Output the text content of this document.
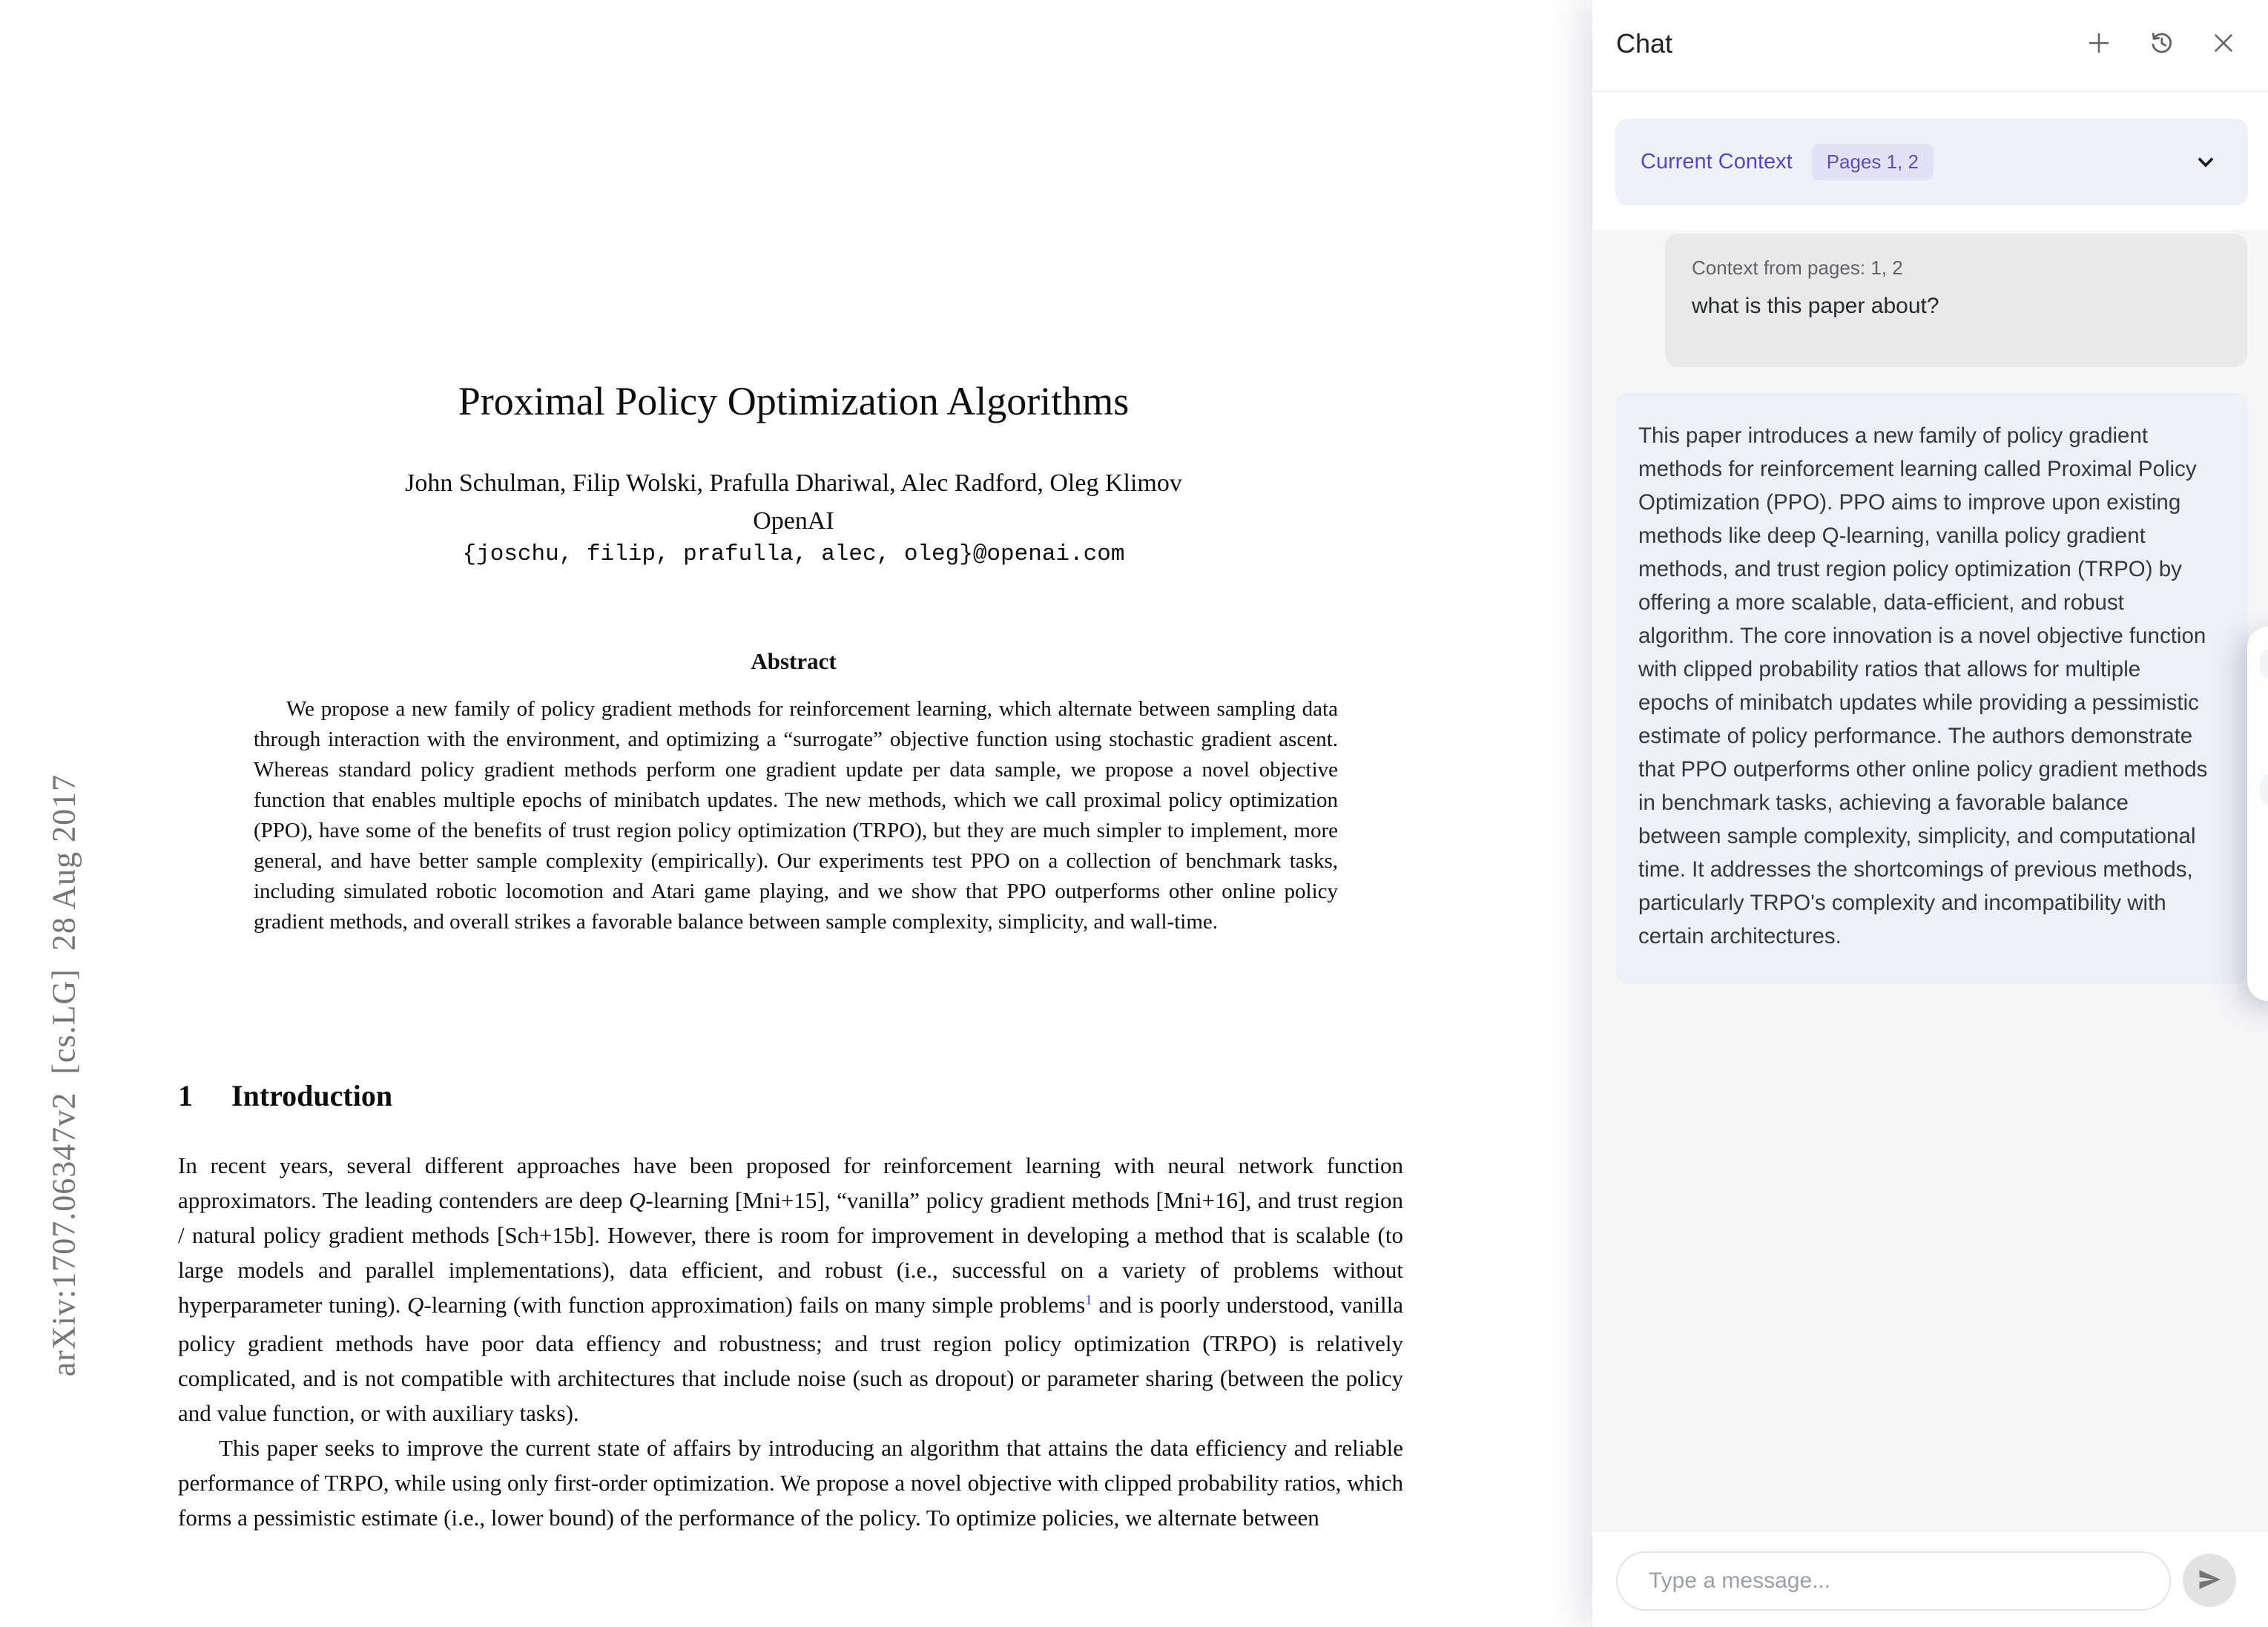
arXiv:1707.06347v2  [cs.LG]  28 Aug 2017
Proximal Policy Optimization Algorithms
John Schulman, Filip Wolski, Prafulla Dhariwal, Alec Radford, Oleg Klimov
OpenAI
{joschu, filip, prafulla, alec, oleg}@openai.com
Abstract

We propose a new family of policy gradient methods for reinforcement learning, which alternate between sampling data through interaction with the environment, and optimizing a “surrogate” objective function using stochastic gradient ascent. Whereas standard policy gradient methods perform one gradient update per data sample, we propose a novel objective function that enables multiple epochs of minibatch updates. The new methods, which we call proximal policy optimization (PPO), have some of the benefits of trust region policy optimization (TRPO), but they are much simpler to implement, more general, and have better sample complexity (empirically). Our experiments test PPO on a collection of benchmark tasks, including simulated robotic locomotion and Atari game playing, and we show that PPO outperforms other online policy gradient methods, and overall strikes a favorable balance between sample complexity, simplicity, and wall-time.

1 Introduction

In recent years, several different approaches have been proposed for reinforcement learning with neural network function approximators. The leading contenders are deep Q-learning [Mni+15], “vanilla” policy gradient methods [Mni+16], and trust region / natural policy gradient methods [Sch+15b]. However, there is room for improvement in developing a method that is scalable (to large models and parallel implementations), data efficient, and robust (i.e., successful on a variety of problems without hyperparameter tuning). Q-learning (with function approximation) fails on many simple problems$^1$ and is poorly understood, vanilla policy gradient methods have poor data effiency and robustness; and trust region policy optimization (TRPO) is relatively complicated, and is not compatible with architectures that include noise (such as dropout) or parameter sharing (between the policy and value function, or with auxiliary tasks).

This paper seeks to improve the current state of affairs by introducing an algorithm that attains the data efficiency and reliable performance of TRPO, while using only first-order optimization. We propose a novel objective with clipped probability ratios, which forms a pessimistic estimate (i.e., lower bound) of the performance of the policy. To optimize policies, we alternate between

Chat
Current Context	Pages 1, 2
Context from pages: 1, 2
what is this paper about?
This paper introduces a new family of policy gradient methods for reinforcement learning called Proximal Policy Optimization (PPO). PPO aims to improve upon existing methods like deep Q-learning, vanilla policy gradient methods, and trust region policy optimization (TRPO) by offering a more scalable, data-efficient, and robust algorithm. The core innovation is a novel objective function with clipped probability ratios that allows for multiple epochs of minibatch updates while providing a pessimistic estimate of policy performance. The authors demonstrate that PPO outperforms other online policy gradient methods in benchmark tasks, achieving a favorable balance between sample complexity, simplicity, and computational time. It addresses the shortcomings of previous methods, particularly TRPO's complexity and incompatibility with certain architectures.
Type a message...
